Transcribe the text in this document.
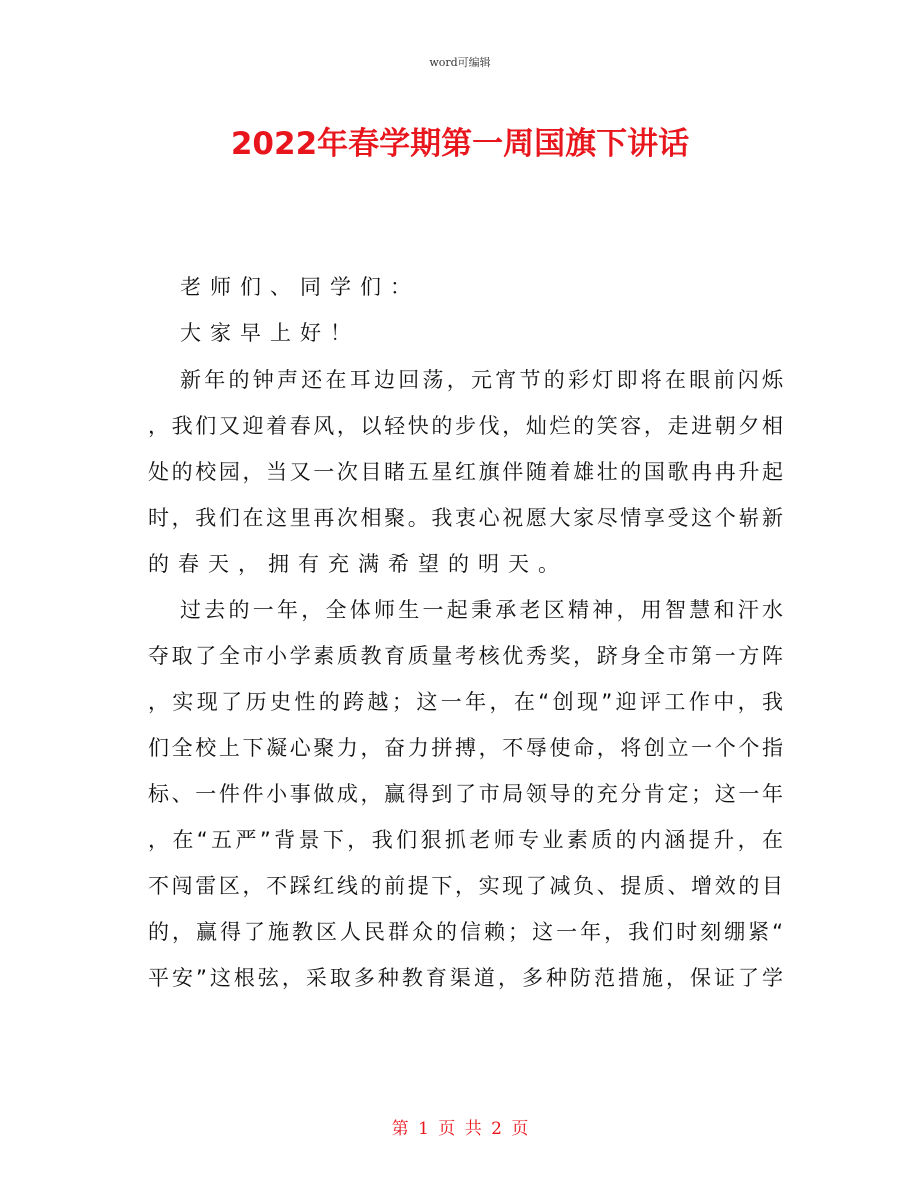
word可编辑
2022年春学期第一周国旗下讲话
老师们、同学们：
大家早上好！
新年的钟声还在耳边回荡，元宵节的彩灯即将在眼前闪烁
，我们又迎着春风，以轻快的步伐，灿烂的笑容，走进朝夕相
处的校园，当又一次目睹五星红旗伴随着雄壮的国歌冉冉升起
时，我们在这里再次相聚。我衷心祝愿大家尽情享受这个崭新
的春天，拥有充满希望的明天。
过去的一年，全体师生一起秉承老区精神，用智慧和汗水
夺取了全市小学素质教育质量考核优秀奖，跻身全市第一方阵
，实现了历史性的跨越；这一年，在“创现”迎评工作中，我
们全校上下凝心聚力，奋力拼搏，不辱使命，将创立一个个指
标、一件件小事做成，赢得到了市局领导的充分肯定；这一年
，在“五严”背景下，我们狠抓老师专业素质的内涵提升，在
不闯雷区，不踩红线的前提下，实现了减负、提质、增效的目
的，赢得了施教区人民群众的信赖；这一年，我们时刻绷紧“
平安”这根弦，采取多种教育渠道，多种防范措施，保证了学
第 1 页 共 2 页
